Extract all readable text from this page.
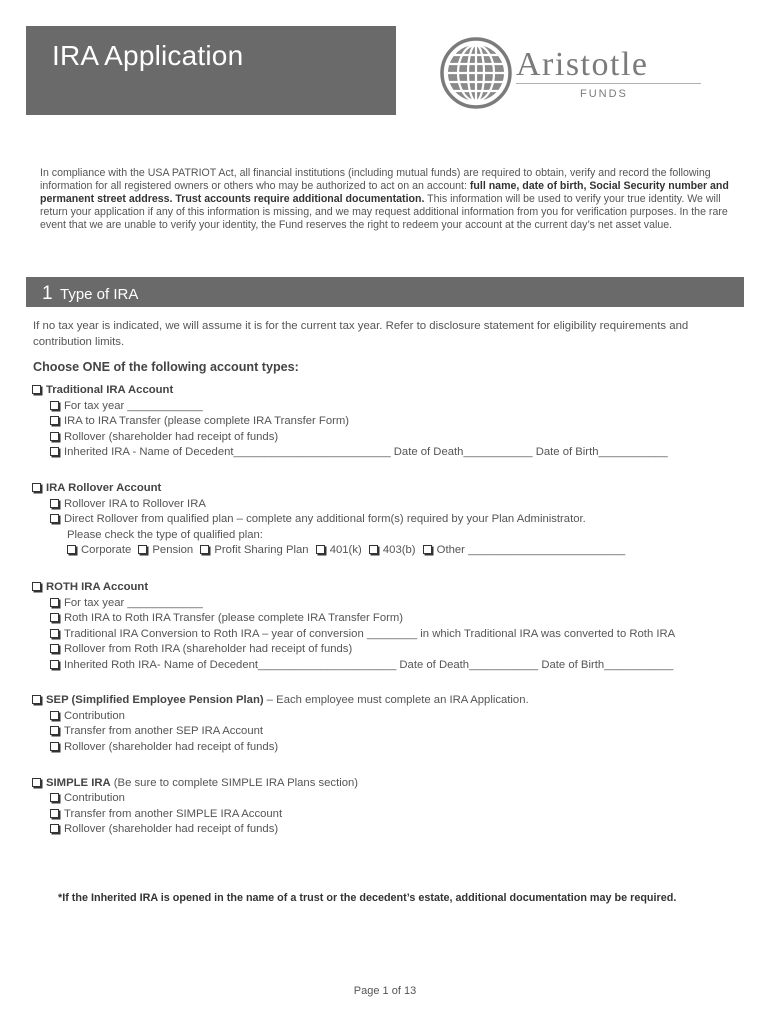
IRA Application	Aristotle
FUNDS

In compliance with the USA PATRIOT Act, all financial institutions (including mutual funds) are required to obtain, verify and record the following information for all registered owners or others who may be authorized to act on an account: full name, date of birth, Social Security number and permanent street address. Trust accounts require additional documentation. This information will be used to verify your true identity. We will return your application if any of this information is missing, and we may request additional information from you for verification purposes. In the rare event that we are unable to verify your identity, the Fund reserves the right to redeem your account at the current day’s net asset value.

1 Type of IRA

If no tax year is indicated, we will assume it is for the current tax year. Refer to disclosure statement for eligibility requirements and contribution limits.

Choose ONE of the following account types:
Traditional IRA Account
For tax year ____________
IRA to IRA Transfer (please complete IRA Transfer Form)
Rollover (shareholder had receipt of funds)
Inherited IRA - Name of Decedent_________________________ Date of Death___________ Date of Birth___________
IRA Rollover Account
Rollover IRA to Rollover IRA
Direct Rollover from qualified plan – complete any additional form(s) required by your Plan Administrator.
Please check the type of qualified plan:
Corporate Pension Profit Sharing Plan 401(k) 403(b) Other _________________________
ROTH IRA Account
For tax year ____________
Roth IRA to Roth IRA Transfer (please complete IRA Transfer Form)
Traditional IRA Conversion to Roth IRA – year of conversion ________ in which Traditional IRA was converted to Roth IRA
Rollover from Roth IRA (shareholder had receipt of funds)
Inherited Roth IRA- Name of Decedent______________________ Date of Death___________ Date of Birth___________
SEP (Simplified Employee Pension Plan) – Each employee must complete an IRA Application.
Contribution
Transfer from another SEP IRA Account
Rollover (shareholder had receipt of funds)
SIMPLE IRA (Be sure to complete SIMPLE IRA Plans section)
Contribution
Transfer from another SIMPLE IRA Account
Rollover (shareholder had receipt of funds)
*If the Inherited IRA is opened in the name of a trust or the decedent’s estate, additional documentation may be required.
Page 1 of 13
